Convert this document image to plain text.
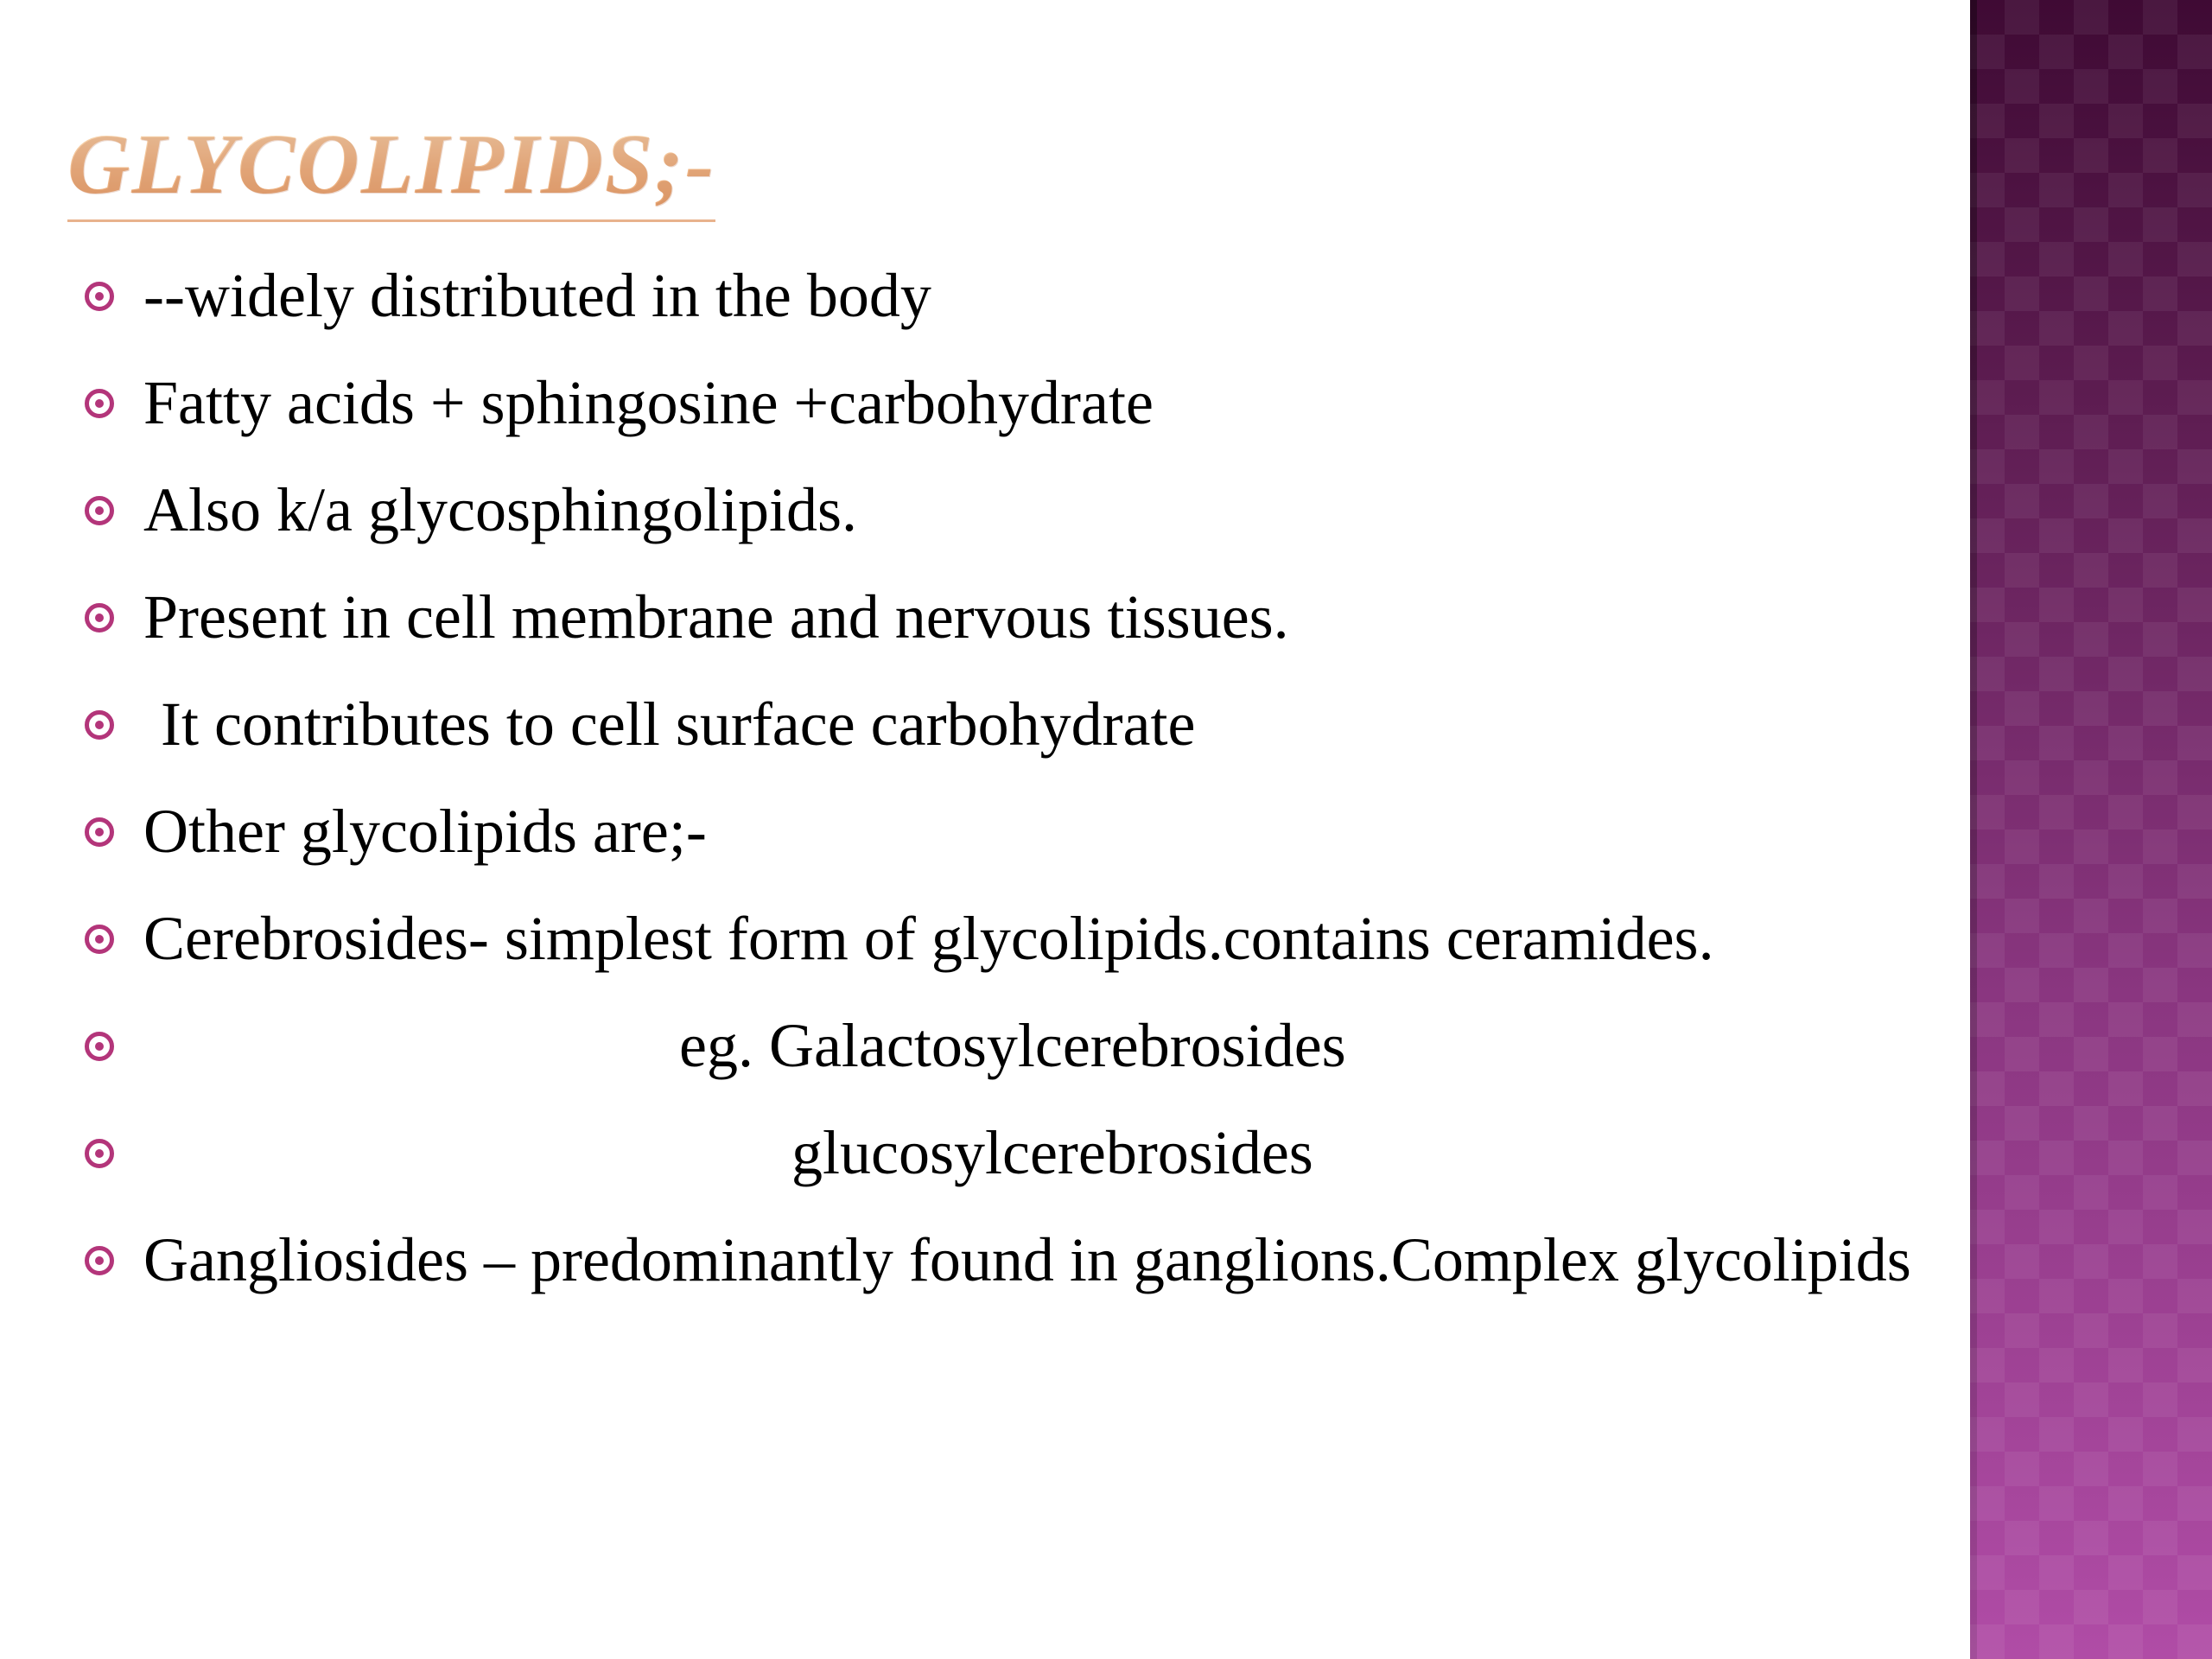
GLYCOLIPIDS;-
--widely distributed in the body
Fatty acids + sphingosine +carbohydrate
Also k/a glycosphingolipids.
Present in cell membrane and nervous tissues.
It contributes to cell surface carbohydrate
Other glycolipids are;-
Cerebrosides- simplest form of glycolipids.contains ceramides.
eg. Galactosylcerebrosides
glucosylcerebrosides
Gangliosides – predominantly found in ganglions.Complex glycolipids
